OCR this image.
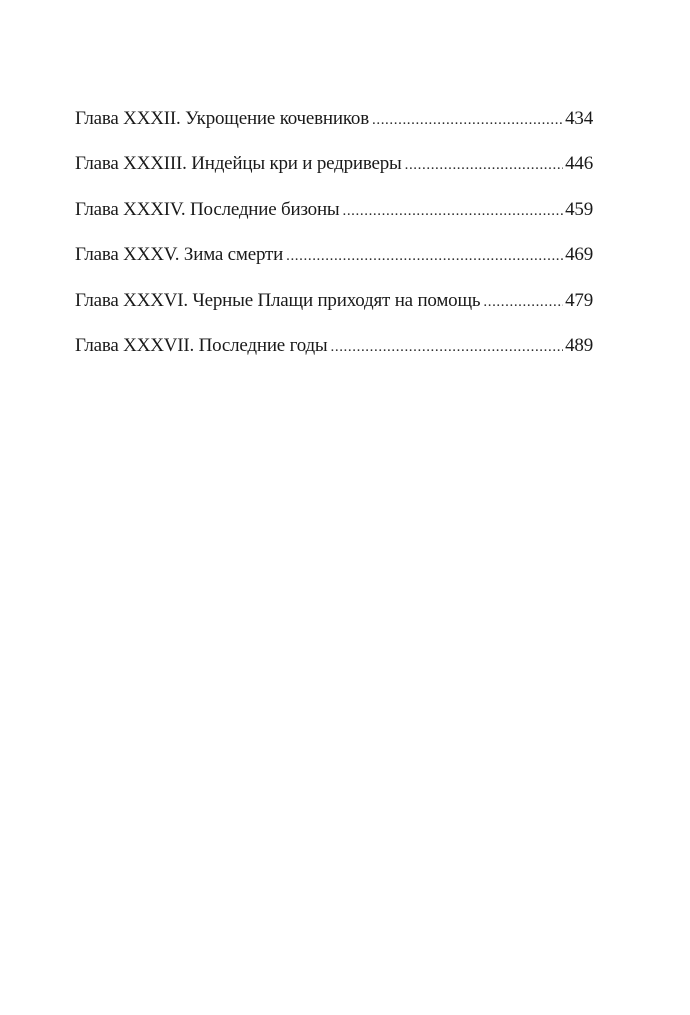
Глава XXXII. Укрощение кочевников .....	434
Глава XXXIII. Индейцы кри и редриверы .....	446
Глава XXXIV. Последние бизоны .....	459
Глава XXXV. Зима смерти .....	469
Глава XXXVI. Черные Плащи приходят на помощь .....	479
Глава XXXVII. Последние годы .....	489
